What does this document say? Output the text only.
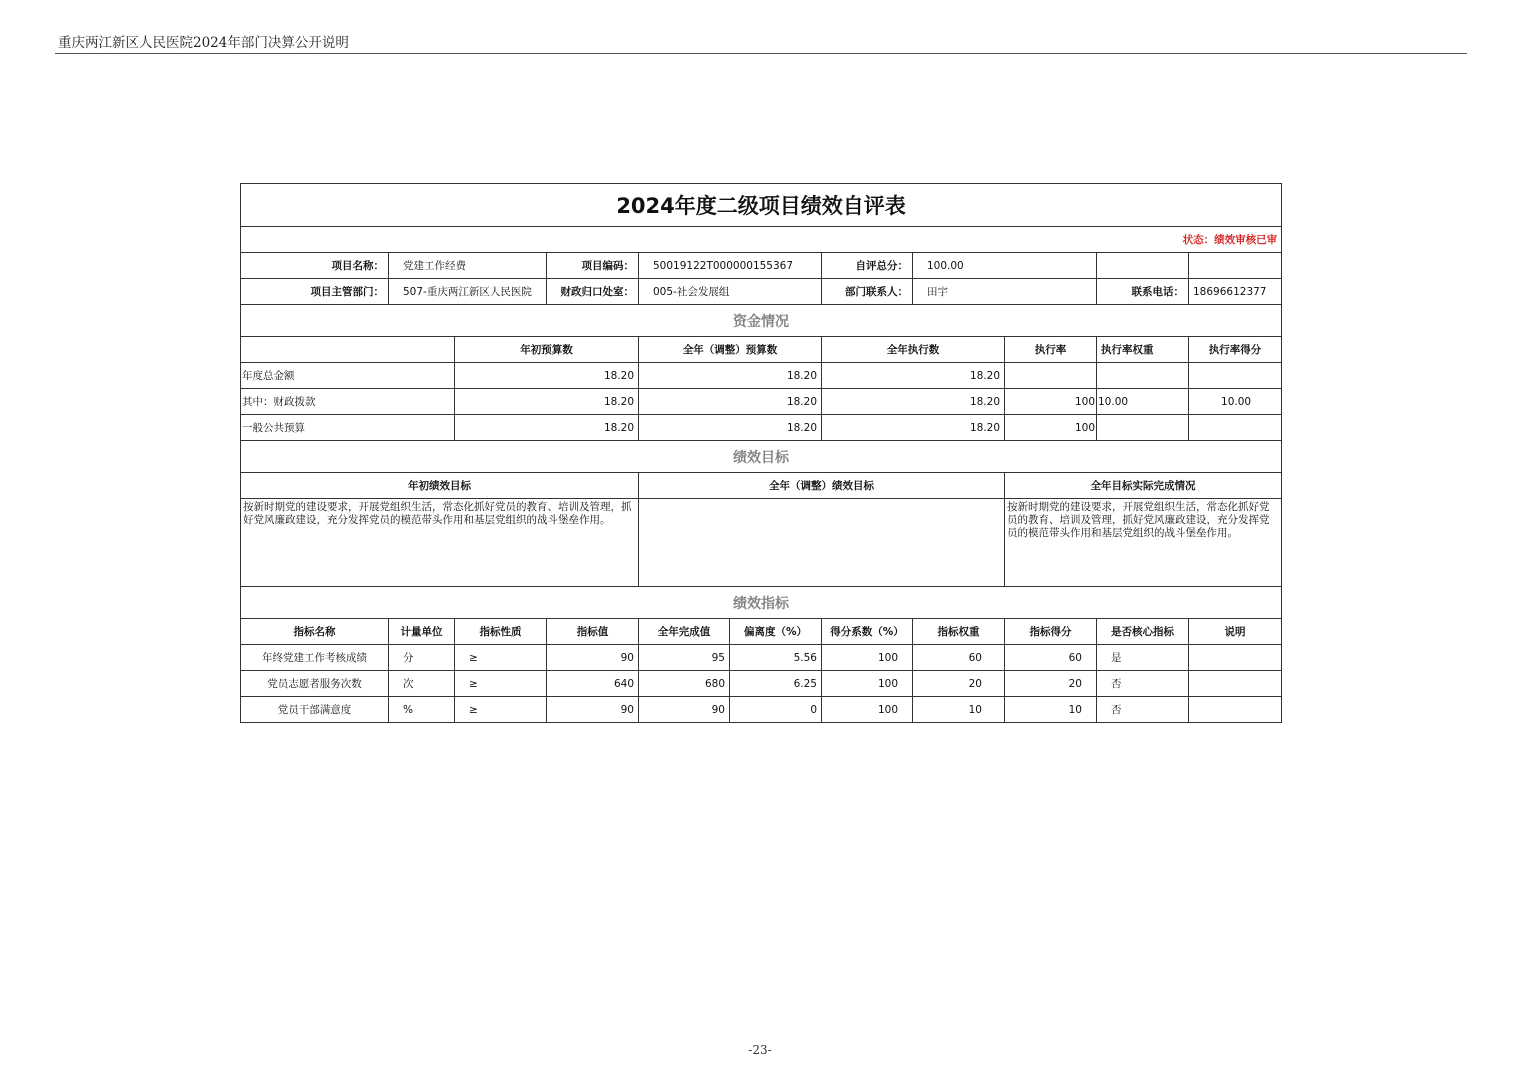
重庆两江新区人民医院2024年部门决算公开说明
2024年度二级项目绩效自评表										
状态：绩效审核已审										
项目名称：	党建工作经费		项目编码：	50019122T000000155367		自评总分：	100.00			
项目主管部门：	507-重庆两江新区人民医院		财政归口处室：	005-社会发展组		部门联系人：	田宇		联系电话：	18696612377
资金情况										
		年初预算数		全年（调整）预算数		全年执行数		执行率	执行率权重	执行率得分
年度总金额		18.20		18.20		18.20				
其中：财政拨款		18.20		18.20		18.20		100	10.00	10.00
一般公共预算		18.20		18.20		18.20		100		
绩效目标										
年初绩效目标				全年（调整）绩效目标				全年目标实际完成情况		
按新时期党的建设要求，开展党组织生活，常态化抓好党员的教育、培训及管理，抓好党风廉政建设，充分发挥党员的模范带头作用和基层党组织的战斗堡垒作用。								按新时期党的建设要求，开展党组织生活，常态化抓好党员的教育、培训及管理，抓好党风廉政建设，充分发挥党员的模范带头作用和基层党组织的战斗堡垒作用。		
绩效指标										
指标名称	计量单位	指标性质	指标值	全年完成值	偏离度（%）	得分系数（%）	指标权重	指标得分	是否核心指标	说明
年终党建工作考核成绩	分	≥	90	95	5.56	100	60	60	是	
党员志愿者服务次数	次	≥	640	680	6.25	100	20	20	否	
党员干部满意度	%	≥	90	90	0	100	10	10	否	
-23-
